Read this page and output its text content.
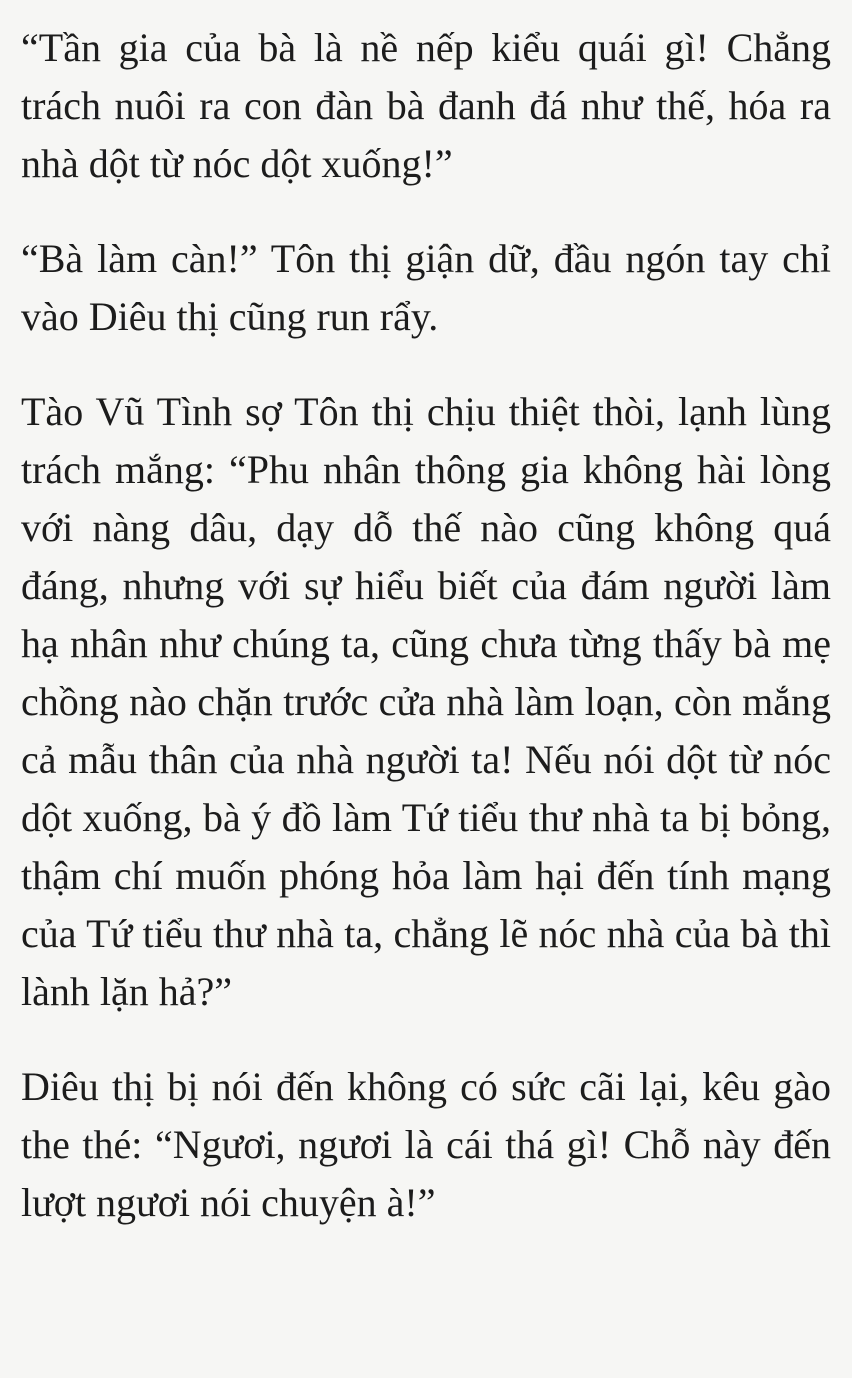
“Tần gia của bà là nề nếp kiểu quái gì! Chẳng trách nuôi ra con đàn bà đanh đá như thế, hóa ra nhà dột từ nóc dột xuống!”

“Bà làm càn!” Tôn thị giận dữ, đầu ngón tay chỉ vào Diêu thị cũng run rẩy.

Tào Vũ Tình sợ Tôn thị chịu thiệt thòi, lạnh lùng trách mắng: “Phu nhân thông gia không hài lòng với nàng dâu, dạy dỗ thế nào cũng không quá đáng, nhưng với sự hiểu biết của đám người làm hạ nhân như chúng ta, cũng chưa từng thấy bà mẹ chồng nào chặn trước cửa nhà làm loạn, còn mắng cả mẫu thân của nhà người ta! Nếu nói dột từ nóc dột xuống, bà ý đồ làm Tứ tiểu thư nhà ta bị bỏng, thậm chí muốn phóng hỏa làm hại đến tính mạng của Tứ tiểu thư nhà ta, chẳng lẽ nóc nhà của bà thì lành lặn hả?”

Diêu thị bị nói đến không có sức cãi lại, kêu gào the thé: “Ngươi, ngươi là cái thá gì! Chỗ này đến lượt ngươi nói chuyện à!”
